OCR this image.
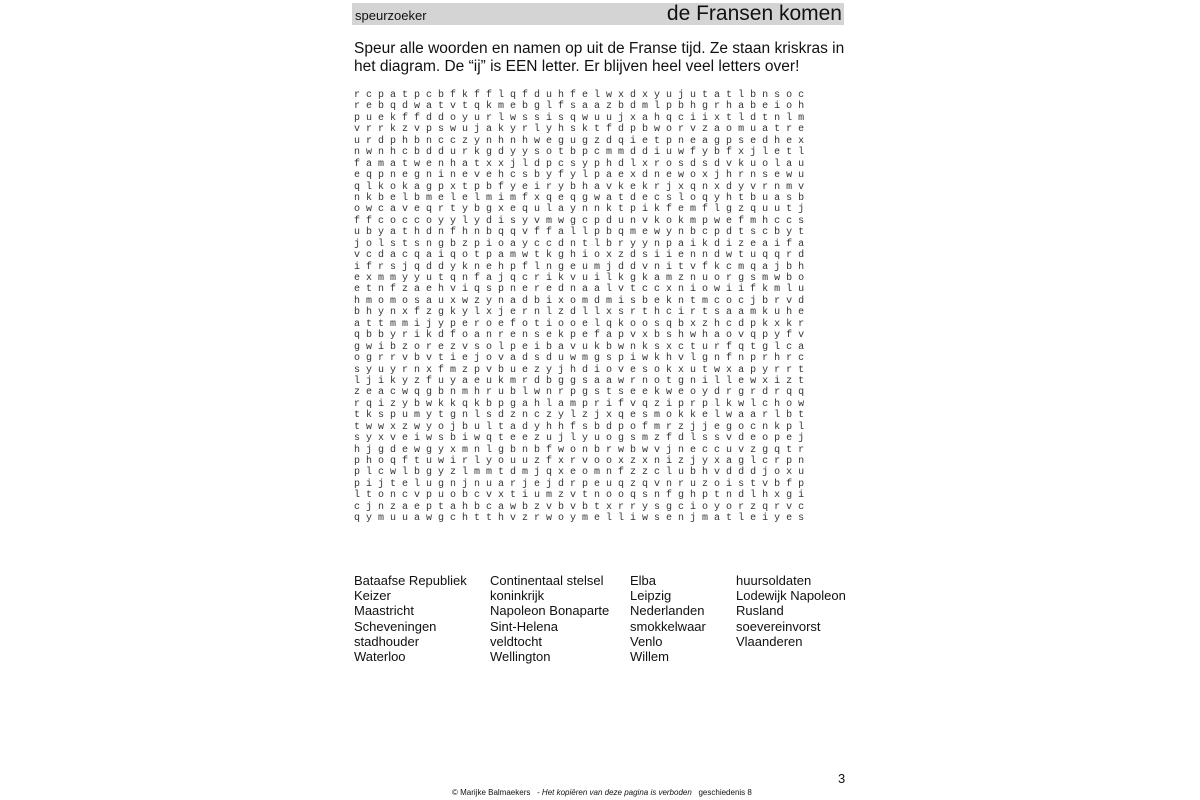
speurzoeker	de Fransen komen
Speur alle woorden en namen op uit de Franse tijd. Ze staan kriskras in
het diagram. De “ij” is EEN letter. Er blijven heel veel letters over!
r c p a t p c b f k f f l q f d u h f e l w x d x y u j u t a t l b n s o c
r e b q d w a t v t q k m e b g l f s a a z b d m l p b h g r h a b e i o h
p u e k f f d d o y u r l w s s i s q w u u j x a h q c i i x t l d t n l m
v r r k z v p s w u j a k y r l y h s k t f d p b w o r v z a o m u a t r e
u r d p h b n c c z y n h n h w e g u g z d q i e t p n e a g p s e d h e x
n w n h c b d d u r k g d y y s o t b p c m m d d i u w f y b f x j l e t l
f a m a t w e n h a t x x j l d p c s y p h d l x r o s d s d v k u o l a u
e q p n e g n i n e v e h c s b y f y l p a e x d n e w o x j h r n s e w u
q l k o k a g p x t p b f y e i r y b h a v k e k r j x q n x d y v r n m v
n k b e l b m e l e l m i m f x q e q g w a t d e c s l o q y h t b u a s b
o w c a v e q r t y b g x e q u l a y n n k t p i k f e m f l g z q u u t j
f f c o c c o y y l y d i s y v m w g c p d u n v k o k m p w e f m h c c s
u b y a t h d n f h n b q q v f f a l l p b q m e w y n b c p d t s c b y t
j o l s t s n g b z p i o a y c c d n t l b r y y n p a i k d i z e a i f a
v c d a c q a i q o t p a m w t k g h i o x z d s i i e n n d w t u q q r d
i f r s j q d d y k n e h p f l n g e u m j d d v n i t v f k c m q a j b h
e x m m y y u t q n f a j q c r i k v u i l k g k a m z n u o r g s m w b o
e t n f z a e h v i q s p n e r e d n a a l v t c c x n i o w i i f k m l u
h m o m o s a u x w z y n a d b i x o m d m i s b e k n t m c o c j b r v d
b h y n x f z g k y l x j e r n l z d l l x s r t h c i r t s a a m k u h e
a t t m m i j y p e r o e f o t i o o e l q k o o s q b x z h c d p k x k r
q b b y r i k d f o a n r e n s e k p e f a p v x b s h w h a o v q p y f v
g w i b z o r e z v s o l p e i b a v u k b w n k s x c t u r f q t g l c a
o g r r v b v t i e j o v a d s d u w m g s p i w k h v l g n f n p r h r c
s y u y r n x f m z p v b u e z y j h d i o v e s o k x u t w x a p y r r t
l j i k y z f u y a e u k m r d b g g s a a w r n o t g n i l l e w x i z t
z e a c w q g b n m h r u b l w n r p g s t s e e k w e o y d r g r d r q q
r q i z y b w k k q k b p g a h l a m p r i f v q z i p r p l k w l c h o w
t k s p u m y t g n l s d z n c z y l z j x q e s m o k k e l w a a r l b t
t w w x z w y o j b u l t a d y h h f s b d p o f m r z j j e g o c n k p l
s y x v e i w s b i w q t e e z u j l y u o g s m z f d l s s v d e o p e j
h j g d e w g y x m n l g b n b f w o n b r w b w v j n e c c u v z g q t r
p h o q f t u w i r l y o u u z f x r v o o x z x n i z j y x a g l c r p n
p l c w l b g y z l m m t d m j q x e o m n f z z c l u b h v d d d j o x u
p i j t e l u g n j n u a r j e j d r p e u q z q v n r u z o i s t v b f p
l t o n c v p u o b c v x t i u m z v t n o o q s n f g h p t n d l h x g i
c j n z a e p t a h b c a w b z v b v b t x r r y s g c i o y o r z q r v c
q y m u u a w g c h t t h v z r w o y m e l l i w s e n j m a t l e i y e s
Bataafse Republiek
Keizer
Maastricht
Scheveningen
stadhouder
Waterloo
Continentaal stelsel
koninkrijk
Napoleon Bonaparte
Sint-Helena
veldtocht
Wellington
Elba
Leipzig
Nederlanden
smokkelwaar
Venlo
Willem
huursoldaten
Lodewijk Napoleon
Rusland
soevereinvorst
Vlaanderen
3
© Marijke Balmaekers - Het kopiëren van deze pagina is verboden geschiedenis 8
